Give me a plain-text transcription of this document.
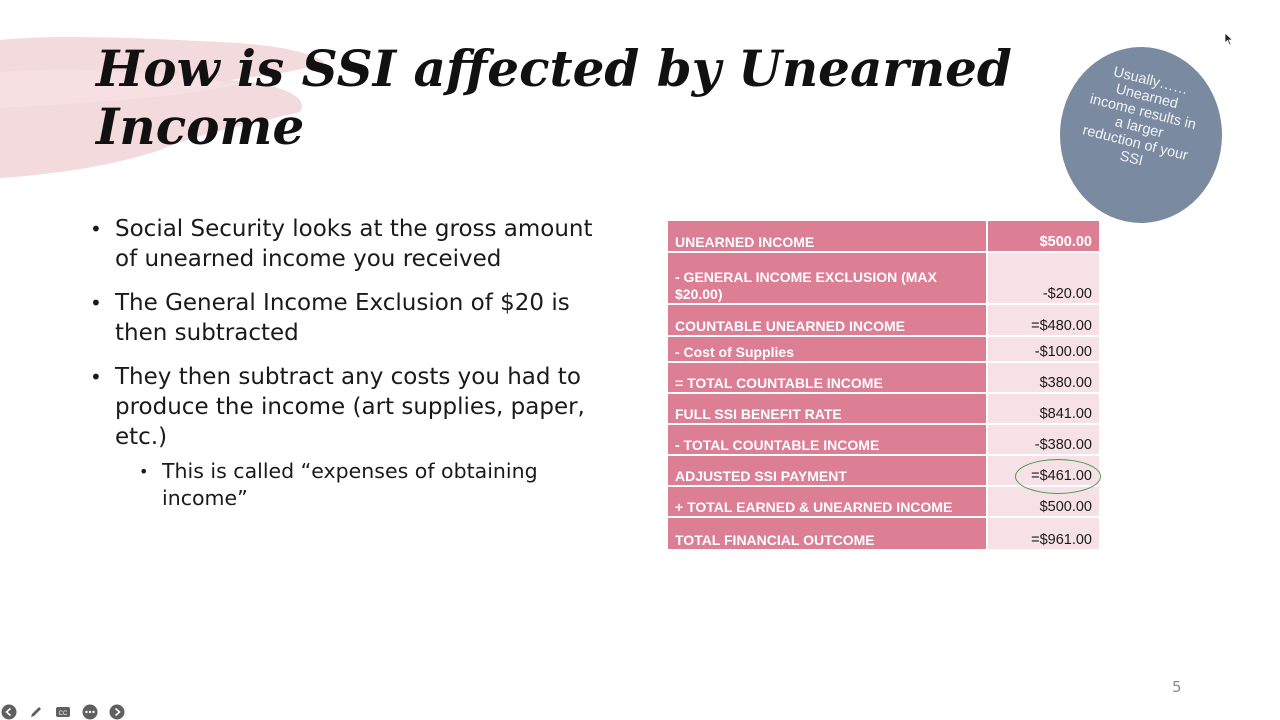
How is SSI affected by Unearned Income
Usually…… Unearned income results in a larger reduction of your SSI
• Social Security looks at the gross amount of unearned income you received
• The General Income Exclusion of $20 is then subtracted
• They then subtract any costs you had to produce the income (art supplies, paper, etc.)
• This is called “expenses of obtaining income”
UNEARNED INCOME	$500.00
- GENERAL INCOME EXCLUSION (MAX $20.00)	-$20.00
COUNTABLE UNEARNED INCOME	=$480.00
- Cost of Supplies	-$100.00
= TOTAL COUNTABLE INCOME	$380.00
FULL SSI BENEFIT RATE	$841.00
- TOTAL COUNTABLE INCOME	-$380.00
ADJUSTED SSI PAYMENT	=$461.00
+ TOTAL EARNED & UNEARNED INCOME	$500.00
TOTAL FINANCIAL OUTCOME	=$961.00
5

CC
